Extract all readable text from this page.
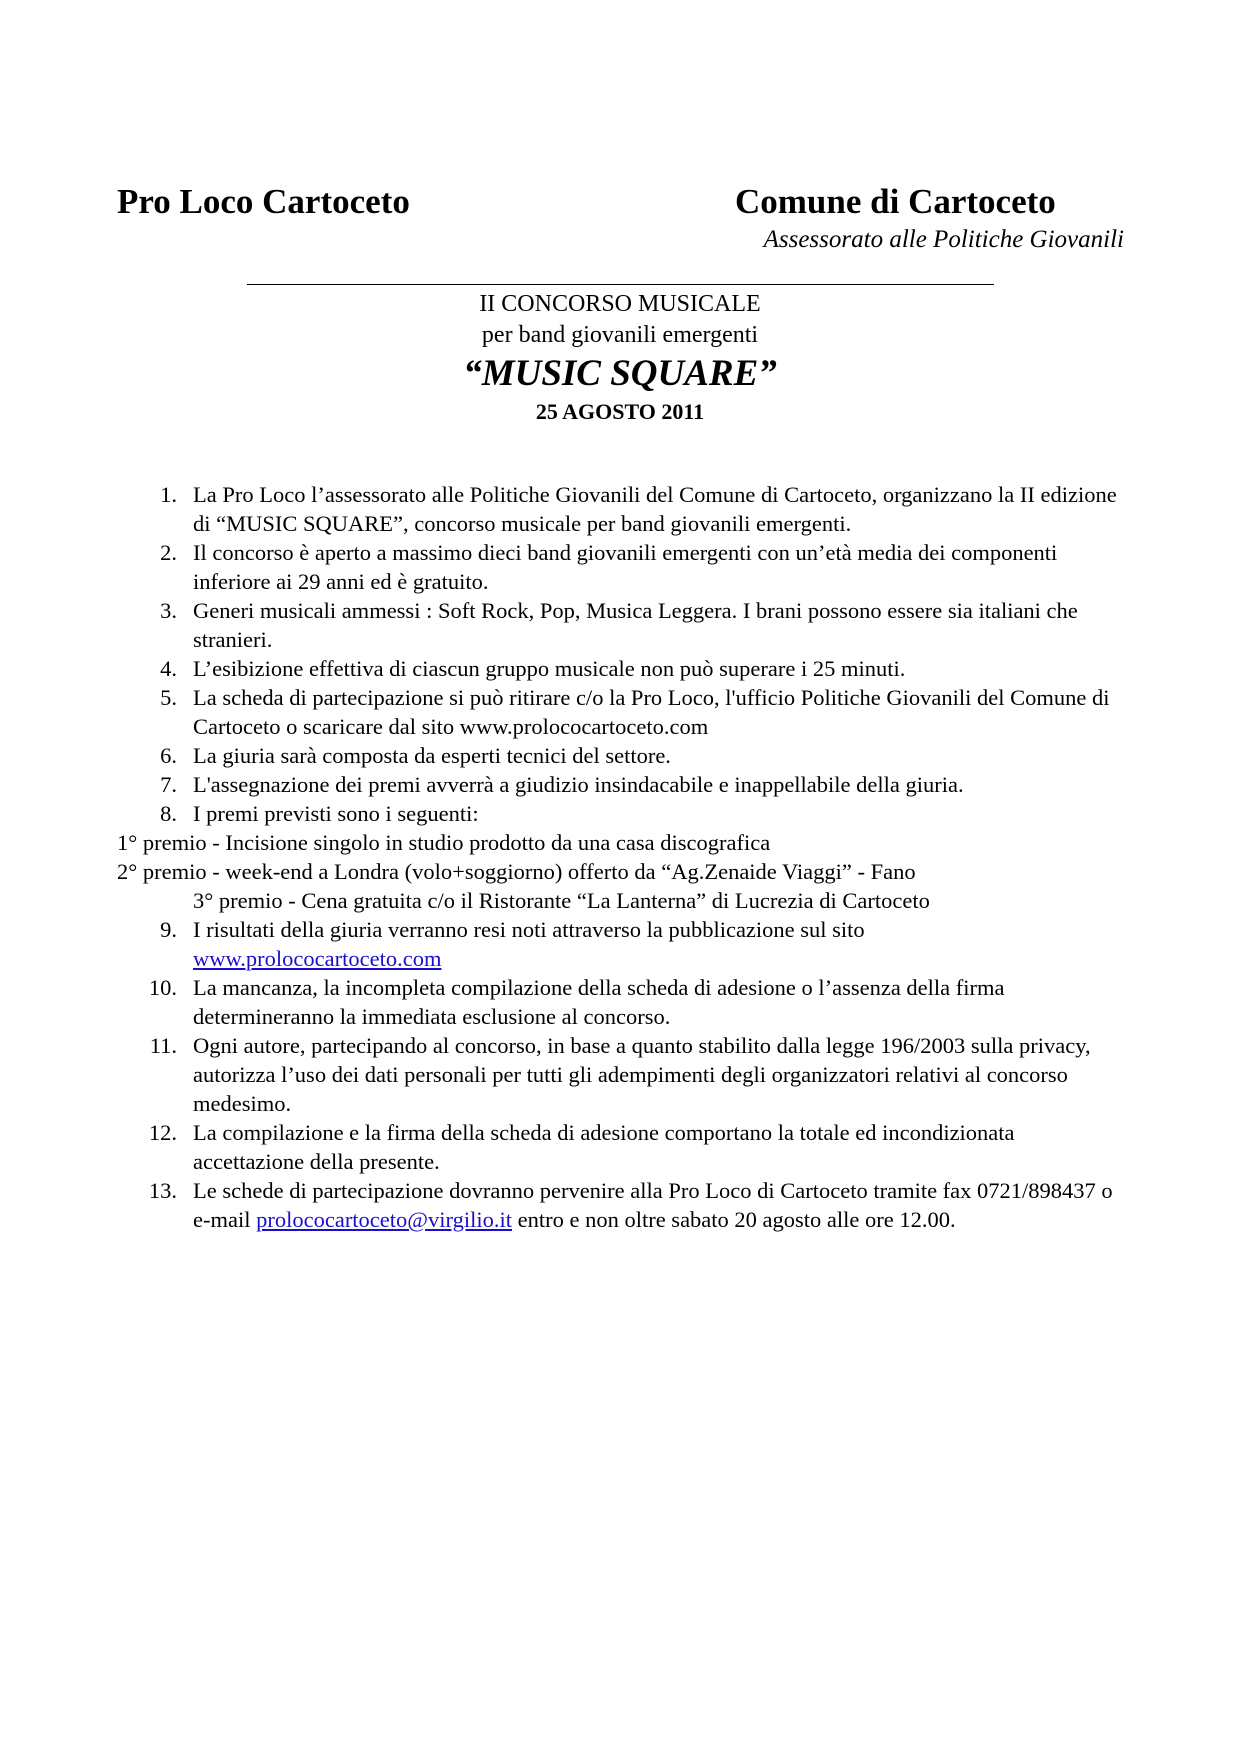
Pro Loco Cartoceto	Comune di Cartoceto
Assessorato alle Politiche Giovanili
II CONCORSO MUSICALE
per band giovanili emergenti
“MUSIC SQUARE”
25 AGOSTO 2011
1. La Pro Loco l’assessorato alle Politiche Giovanili del Comune di Cartoceto, organizzano la II edizione di “MUSIC SQUARE”, concorso musicale per band giovanili emergenti.
2. Il concorso è aperto a massimo dieci band giovanili emergenti con un’età media dei componenti inferiore ai 29 anni ed è gratuito.
3. Generi musicali ammessi : Soft Rock, Pop, Musica Leggera. I brani possono essere sia italiani che stranieri.
4. L’esibizione effettiva di ciascun gruppo musicale non può superare i 25 minuti.
5. La scheda di partecipazione si può ritirare c/o la Pro Loco, l'ufficio Politiche Giovanili del Comune di Cartoceto o scaricare dal sito www.prolococartoceto.com
6. La giuria sarà composta da esperti tecnici del settore.
7. L'assegnazione dei premi avverrà a giudizio insindacabile e inappellabile della giuria.
8. I premi previsti sono i seguenti:
1° premio - Incisione singolo in studio prodotto da una casa discografica
2° premio - week-end a Londra (volo+soggiorno) offerto da “Ag.Zenaide Viaggi” - Fano
3° premio - Cena gratuita c/o il Ristorante “La Lanterna” di Lucrezia di Cartoceto
9. I risultati della giuria verranno resi noti attraverso la pubblicazione sul sito
www.prolococartoceto.com
10. La mancanza, la incompleta compilazione della scheda di adesione o l’assenza della firma determineranno la immediata esclusione al concorso.
11. Ogni autore, partecipando al concorso, in base a quanto stabilito dalla legge 196/2003 sulla privacy, autorizza l’uso dei dati personali per tutti gli adempimenti degli organizzatori relativi al concorso medesimo.
12. La compilazione e la firma della scheda di adesione comportano la totale ed incondizionata accettazione della presente.
13. Le schede di partecipazione dovranno pervenire alla Pro Loco di Cartoceto tramite fax 0721/898437 o e-mail prolococartoceto@virgilio.it entro e non oltre sabato 20 agosto alle ore 12.00.
